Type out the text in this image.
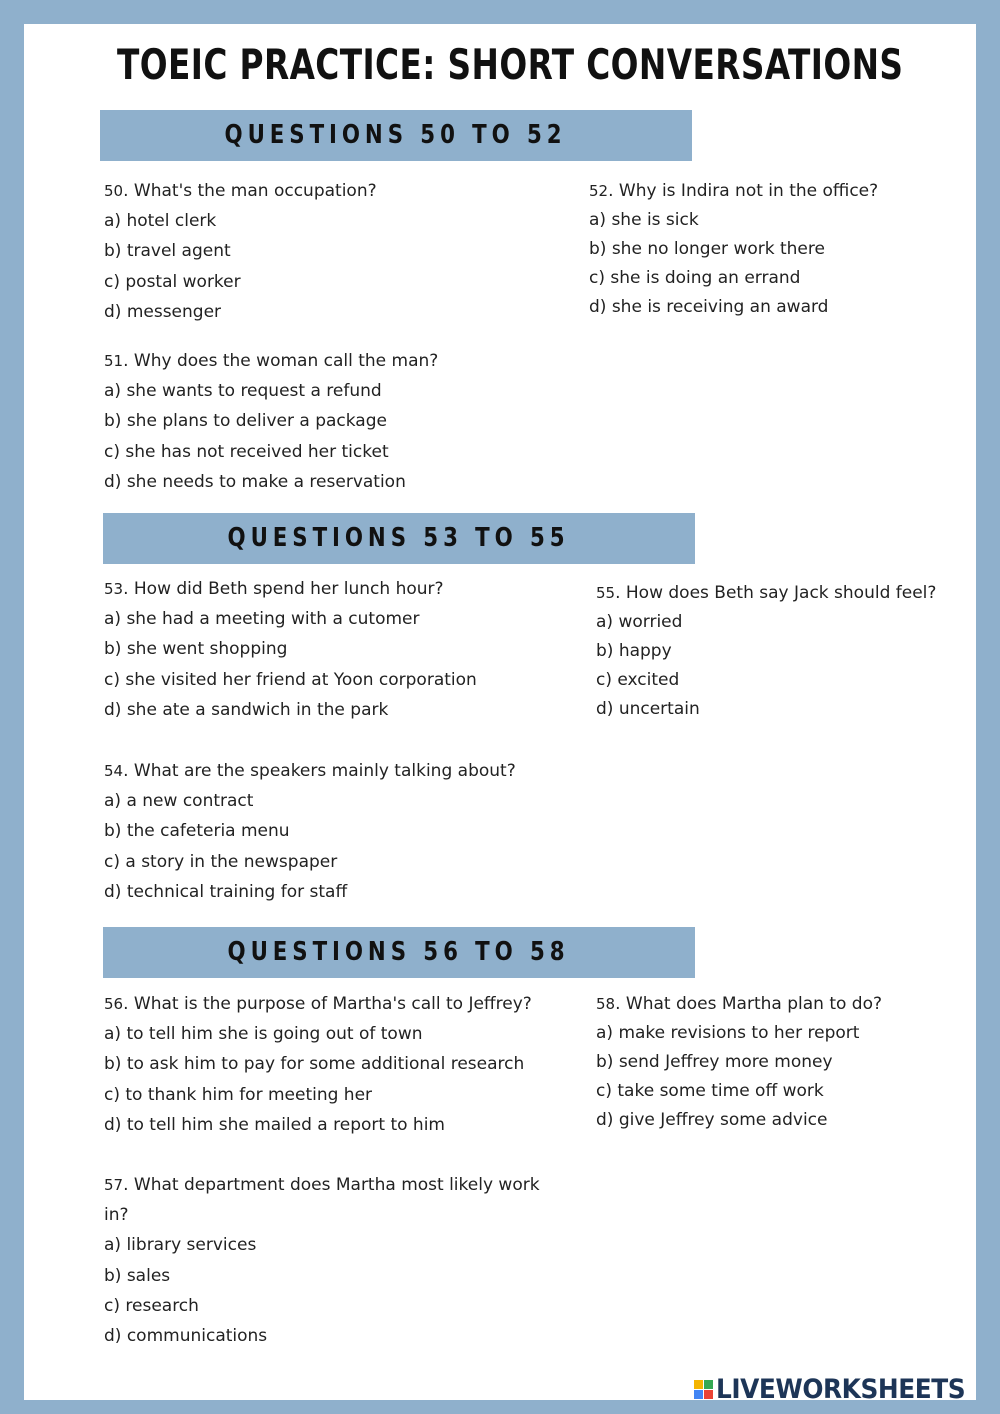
TOEIC PRACTICE: SHORT CONVERSATIONS
QUESTIONS 50 TO 52
QUESTIONS 53 TO 55
QUESTIONS 56 TO 58

50. What's the man occupation?

a) hotel clerk

b) travel agent

c) postal worker

d) messenger

51. Why does the woman call the man?

a) she wants to request a refund

b) she plans to deliver a package

c) she has not received her ticket

d) she needs to make a reservation

52. Why is Indira not in the office?

a) she is sick

b) she no longer work there

c) she is doing an errand

d) she is receiving an award

53. How did Beth spend her lunch hour?

a) she had a meeting with a cutomer

b) she went shopping

c) she visited her friend at Yoon corporation

d) she ate a sandwich in the park

54. What are the speakers mainly talking about?

a) a new contract

b) the cafeteria menu

c) a story in the newspaper

d) technical training for staff

55. How does Beth say Jack should feel?

a) worried

b) happy

c) excited

d) uncertain

56. What is the purpose of Martha's call to Jeffrey?

a) to tell him she is going out of town

b) to ask him to pay for some additional research

c) to thank him for meeting her

d) to tell him she mailed a report to him

57. What department does Martha most likely work in?

a) library services

b) sales

c) research

d) communications

58. What does Martha plan to do?

a) make revisions to her report

b) send Jeffrey more money

c) take some time off work

d) give Jeffrey some advice

LIVEWORKSHEETS
